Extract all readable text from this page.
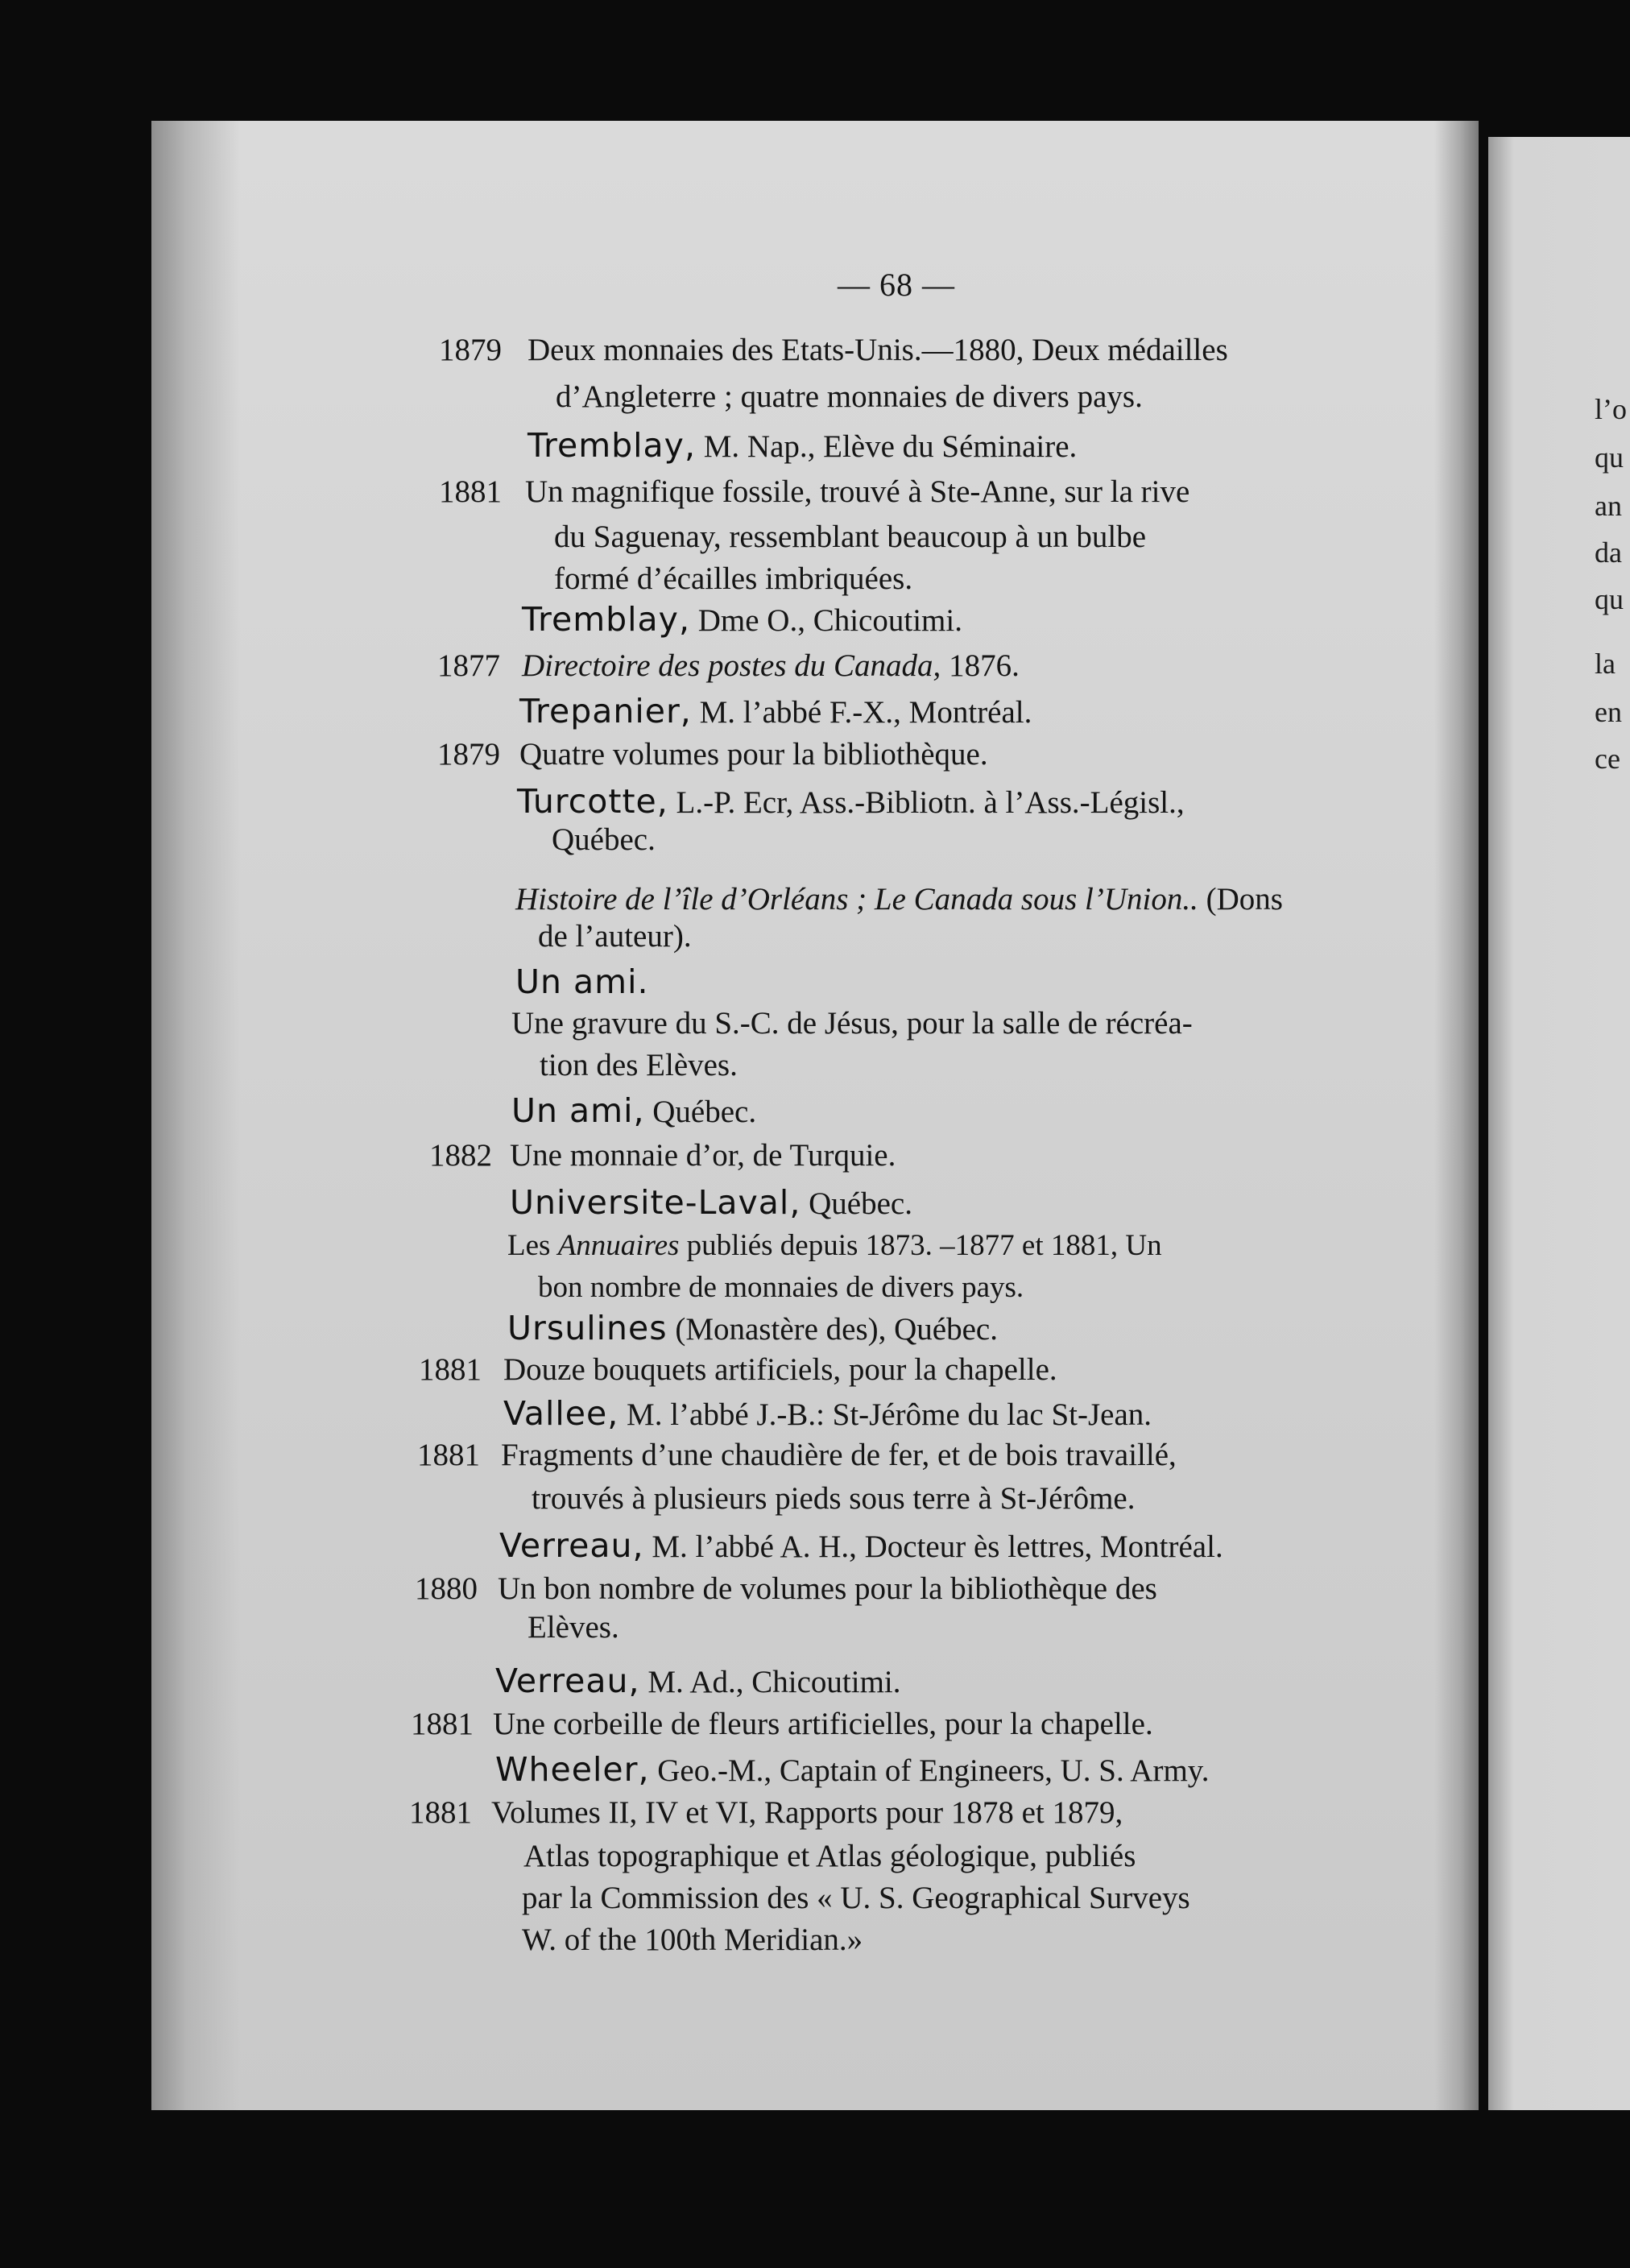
l’o
qu
an
da
qu
la
en
ce
— 68 —
1879 Deux monnaies des Etats-Unis.—1880, Deux médailles
d’Angleterre ; quatre monnaies de divers pays.
Tremblay, M. Nap., Elève du Séminaire.
1881 Un magnifique fossile, trouvé à Ste-Anne, sur la rive
du Saguenay, ressemblant beaucoup à un bulbe
formé d’écailles imbriquées.
Tremblay, Dme O., Chicoutimi.
1877 Directoire des postes du Canada, 1876.
Trepanier, M. l’abbé F.-X., Montréal.
1879 Quatre volumes pour la bibliothèque.
Turcotte, L.-P. Ecr, Ass.-Bibliotn. à l’Ass.-Législ.,
Québec.
Histoire de l’île d’Orléans ; Le Canada sous l’Union.. (Dons
de l’auteur).
Un ami.
Une gravure du S.-C. de Jésus, pour la salle de récréa-
tion des Elèves.
Un ami, Québec.
1882 Une monnaie d’or, de Turquie.
Universite-Laval, Québec.
Les Annuaires publiés depuis 1873. –1877 et 1881, Un
bon nombre de monnaies de divers pays.
Ursulines (Monastère des), Québec.
1881 Douze bouquets artificiels, pour la chapelle.
Vallee, M. l’abbé J.-B.: St-Jérôme du lac St-Jean.
1881 Fragments d’une chaudière de fer, et de bois travaillé,
trouvés à plusieurs pieds sous terre à St-Jérôme.
Verreau, M. l’abbé A. H., Docteur ès lettres, Montréal.
1880 Un bon nombre de volumes pour la bibliothèque des
Elèves.
Verreau, M. Ad., Chicoutimi.
1881 Une corbeille de fleurs artificielles, pour la chapelle.
Wheeler, Geo.-M., Captain of Engineers, U. S. Army.
1881 Volumes II, IV et VI, Rapports pour 1878 et 1879,
Atlas topographique et Atlas géologique, publiés
par la Commission des « U. S. Geographical Surveys
W. of the 100th Meridian.»
